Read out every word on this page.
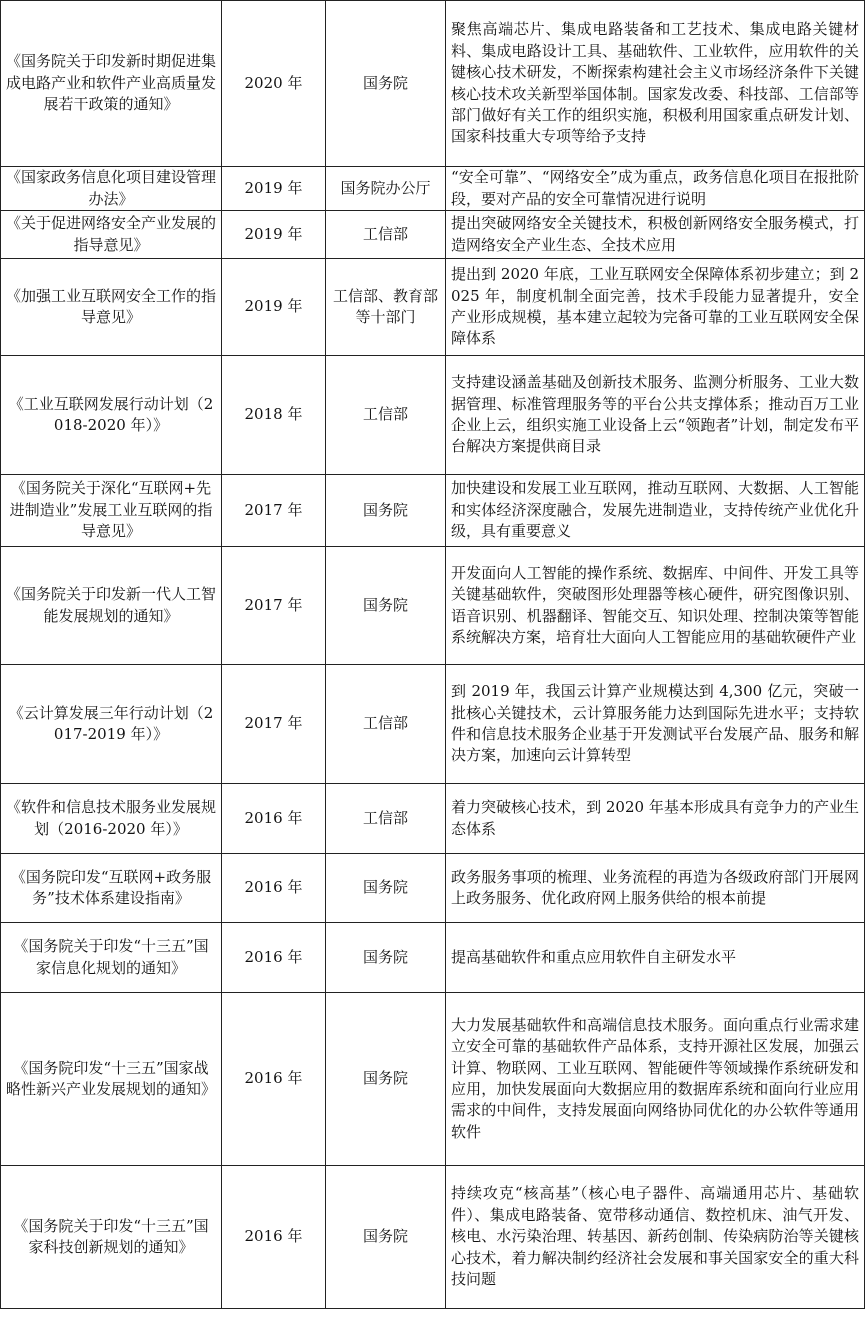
《国务院关于印发新时期促进集成电路产业和软件产业高质量发展若干政策的通知》	2020 年	国务院	聚焦高端芯片、集成电路装备和工艺技术、集成电路关键材料、集成电路设计工具、基础软件、工业软件，应用软件的关键核心技术研发，不断探索构建社会主义市场经济条件下关键核心技术攻关新型举国体制。国家发改委、科技部、工信部等部门做好有关工作的组织实施，积极利用国家重点研发计划、国家科技重大专项等给予支持
《国家政务信息化项目建设管理办法》	2019 年	国务院办公厅	“安全可靠”、“网络安全”成为重点，政务信息化项目在报批阶段，要对产品的安全可靠情况进行说明
《关于促进网络安全产业发展的指导意见》	2019 年	工信部	提出突破网络安全关键技术，积极创新网络安全服务模式，打造网络安全产业生态、全技术应用
《加强工业互联网安全工作的指导意见》	2019 年	工信部、教育部等十部门	提出到 2020 年底，工业互联网安全保障体系初步建立；到 2025 年，制度机制全面完善，技术手段能力显著提升，安全产业形成规模，基本建立起较为完备可靠的工业互联网安全保障体系
《工业互联网发展行动计划（2018-2020 年）》	2018 年	工信部	支持建设涵盖基础及创新技术服务、监测分析服务、工业大数据管理、标准管理服务等的平台公共支撑体系；推动百万工业企业上云，组织实施工业设备上云“领跑者”计划，制定发布平台解决方案提供商目录
《国务院关于深化“互联网+先进制造业”发展工业互联网的指导意见》	2017 年	国务院	加快建设和发展工业互联网，推动互联网、大数据、人工智能和实体经济深度融合，发展先进制造业，支持传统产业优化升级，具有重要意义
《国务院关于印发新一代人工智能发展规划的通知》	2017 年	国务院	开发面向人工智能的操作系统、数据库、中间件、开发工具等关键基础软件，突破图形处理器等核心硬件，研究图像识别、语音识别、机器翻译、智能交互、知识处理、控制决策等智能系统解决方案，培育壮大面向人工智能应用的基础软硬件产业
《云计算发展三年行动计划（2017-2019 年）》	2017 年	工信部	到 2019 年，我国云计算产业规模达到 4,300 亿元，突破一批核心关键技术，云计算服务能力达到国际先进水平；支持软件和信息技术服务企业基于开发测试平台发展产品、服务和解决方案，加速向云计算转型
《软件和信息技术服务业发展规划（2016-2020 年）》	2016 年	工信部	着力突破核心技术，到 2020 年基本形成具有竞争力的产业生态体系
《国务院印发“互联网+政务服务”技术体系建设指南》	2016 年	国务院	政务服务事项的梳理、业务流程的再造为各级政府部门开展网上政务服务、优化政府网上服务供给的根本前提
《国务院关于印发“十三五”国家信息化规划的通知》	2016 年	国务院	提高基础软件和重点应用软件自主研发水平
《国务院印发“十三五”国家战略性新兴产业发展规划的通知》	2016 年	国务院	大力发展基础软件和高端信息技术服务。面向重点行业需求建立安全可靠的基础软件产品体系，支持开源社区发展，加强云计算、物联网、工业互联网、智能硬件等领域操作系统研发和应用，加快发展面向大数据应用的数据库系统和面向行业应用需求的中间件，支持发展面向网络协同优化的办公软件等通用软件
《国务院关于印发“十三五”国家科技创新规划的通知》	2016 年	国务院	持续攻克“核高基”（核心电子器件、高端通用芯片、基础软件）、集成电路装备、宽带移动通信、数控机床、油气开发、核电、水污染治理、转基因、新药创制、传染病防治等关键核心技术，着力解决制约经济社会发展和事关国家安全的重大科技问题
